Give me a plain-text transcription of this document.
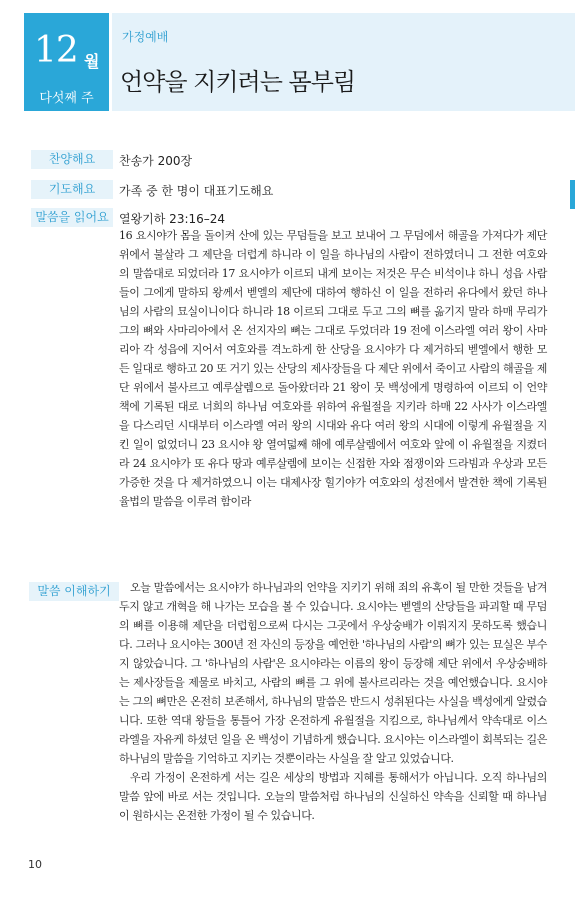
12 월
다섯째 주
가정예배
언약을 지키려는 몸부림
찬양해요	찬송가 200장
기도해요	가족 중 한 명이 대표기도해요
말씀을 읽어요 열왕기하 23:16–24
16 요시야가 몸을 돌이켜 산에 있는 무덤들을 보고 보내어 그 무덤에서 해골을 가져다가 제단 위에서 불살라 그 제단을 더럽게 하니라 이 일을 하나님의 사람이 전하였더니 그 전한 여호와의 말씀대로 되었더라 17 요시야가 이르되 내게 보이는 저것은 무슨 비석이냐 하니 성읍 사람들이 그에게 말하되 왕께서 벧엘의 제단에 대하여 행하신 이 일을 전하러 유다에서 왔던 하나님의 사람의 묘실이니이다 하니라 18 이르되 그대로 두고 그의 뼈를 옮기지 말라 하매 무리가 그의 뼈와 사마리아에서 온 선지자의 뼈는 그대로 두었더라 19 전에 이스라엘 여러 왕이 사마리아 각 성읍에 지어서 여호와를 격노하게 한 산당을 요시야가 다 제거하되 벧엘에서 행한 모든 일대로 행하고 20 또 거기 있는 산당의 제사장들을 다 제단 위에서 죽이고 사람의 해골을 제단 위에서 불사르고 예루살렘으로 돌아왔더라 21 왕이 뭇 백성에게 명령하여 이르되 이 언약책에 기록된 대로 너희의 하나님 여호와를 위하여 유월절을 지키라 하매 22 사사가 이스라엘을 다스리던 시대부터 이스라엘 여러 왕의 시대와 유다 여러 왕의 시대에 이렇게 유월절을 지킨 일이 없었더니 23 요시야 왕 열여덟째 해에 예루살렘에서 여호와 앞에 이 유월절을 지켰더라 24 요시야가 또 유다 땅과 예루살렘에 보이는 신접한 자와 점쟁이와 드라빔과 우상과 모든 가증한 것을 다 제거하였으니 이는 대제사장 힐기야가 여호와의 성전에서 발견한 책에 기록된 율법의 말씀을 이루려 함이라
말씀 이해하기	오늘 말씀에서는 요시야가 하나님과의 언약을 지키기 위해 죄의 유혹이 될 만한 것들을 남겨 두지 않고 개혁을 해 나가는 모습을 볼 수 있습니다. 요시야는 벧엘의 산당들을 파괴할 때 무덤의 뼈를 이용해 제단을 더럽힘으로써 다시는 그곳에서 우상숭배가 이뤄지지 못하도록 했습니다. 그러나 요시야는 300년 전 자신의 등장을 예언한 '하나님의 사람'의 뼈가 있는 묘실은 부수지 않았습니다. 그 '하나님의 사람'은 요시야라는 이름의 왕이 등장해 제단 위에서 우상숭배하는 제사장들을 제물로 바치고, 사람의 뼈를 그 위에 불사르리라는 것을 예언했습니다. 요시야는 그의 뼈만은 온전히 보존해서, 하나님의 말씀은 반드시 성취된다는 사실을 백성에게 알렸습니다. 또한 역대 왕들을 통틀어 가장 온전하게 유월절을 지킴으로, 하나님께서 약속대로 이스라엘을 자유케 하셨던 일을 온 백성이 기념하게 했습니다. 요시야는 이스라엘이 회복되는 길은 하나님의 말씀을 기억하고 지키는 것뿐이라는 사실을 잘 알고 있었습니다.
우리 가정이 온전하게 서는 길은 세상의 방법과 지혜를 통해서가 아닙니다. 오직 하나님의 말씀 앞에 바로 서는 것입니다. 오늘의 말씀처럼 하나님의 신실하신 약속을 신뢰할 때 하나님이 원하시는 온전한 가정이 될 수 있습니다.
10
